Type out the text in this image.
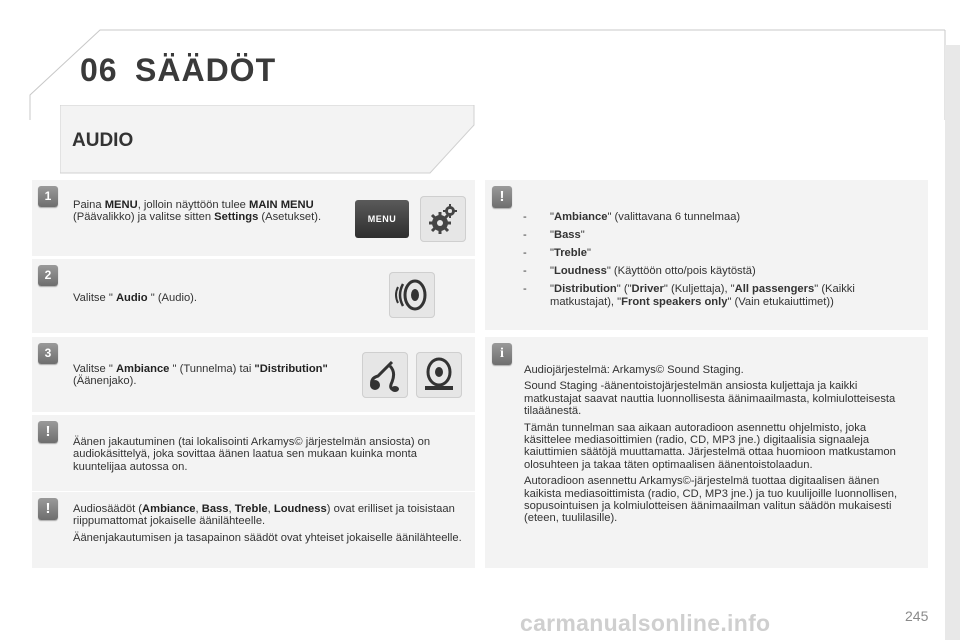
06 SÄÄDÖT
AUDIO
1
Paina MENU, jolloin näyttöön tulee MAIN MENU (Päävalikko) ja valitse sitten Settings (Asetukset).	MENU
2
Valitse " Audio " (Audio).
3
Valitse " Ambiance " (Tunnelma) tai "Distribution" (Äänenjako).
!
Äänen jakautuminen (tai lokalisointi Arkamys© järjestelmän ansiosta) on audiokäsittelyä, joka sovittaa äänen laatua sen mukaan kuinka monta kuuntelijaa autossa on.
!	Audiosäädöt (Ambiance, Bass, Treble, Loudness) ovat erilliset ja toisistaan riippumattomat jokaiselle äänilähteelle.

Äänenjakautumisen ja tasapainon säädöt ovat yhteiset jokaiselle äänilähteelle.

!
- "Ambiance" (valittavana 6 tunnelmaa)
- "Bass"
- "Treble"
- "Loudness" (Käyttöön otto/pois käytöstä)
- "Distribution" ("Driver" (Kuljettaja), "All passengers" (Kaikki matkustajat), "Front speakers only" (Vain etukaiuttimet))
i

Audiojärjestelmä: Arkamys© Sound Staging.

Sound Staging -äänentoistojärjestelmän ansiosta kuljettaja ja kaikki matkustajat saavat nauttia luonnollisesta äänimaailmasta, kolmiulotteisesta tilaäänestä.

Tämän tunnelman saa aikaan autoradioon asennettu ohjelmisto, joka käsittelee mediasoittimien (radio, CD, MP3 jne.) digitaalisia signaaleja kaiuttimien säätöjä muuttamatta. Järjestelmä ottaa huomioon matkustamon olosuhteen ja takaa täten optimaalisen äänentoistolaadun.

Autoradioon asennettu Arkamys©-järjestelmä tuottaa digitaalisen äänen kaikista mediasoittimista (radio, CD, MP3 jne.) ja tuo kuulijoille luonnollisen, sopusointuisen ja kolmiulotteisen äänimaailman valitun säädön mukaisesti (eteen, tuulilasille).

carmanualsonline.info	245
